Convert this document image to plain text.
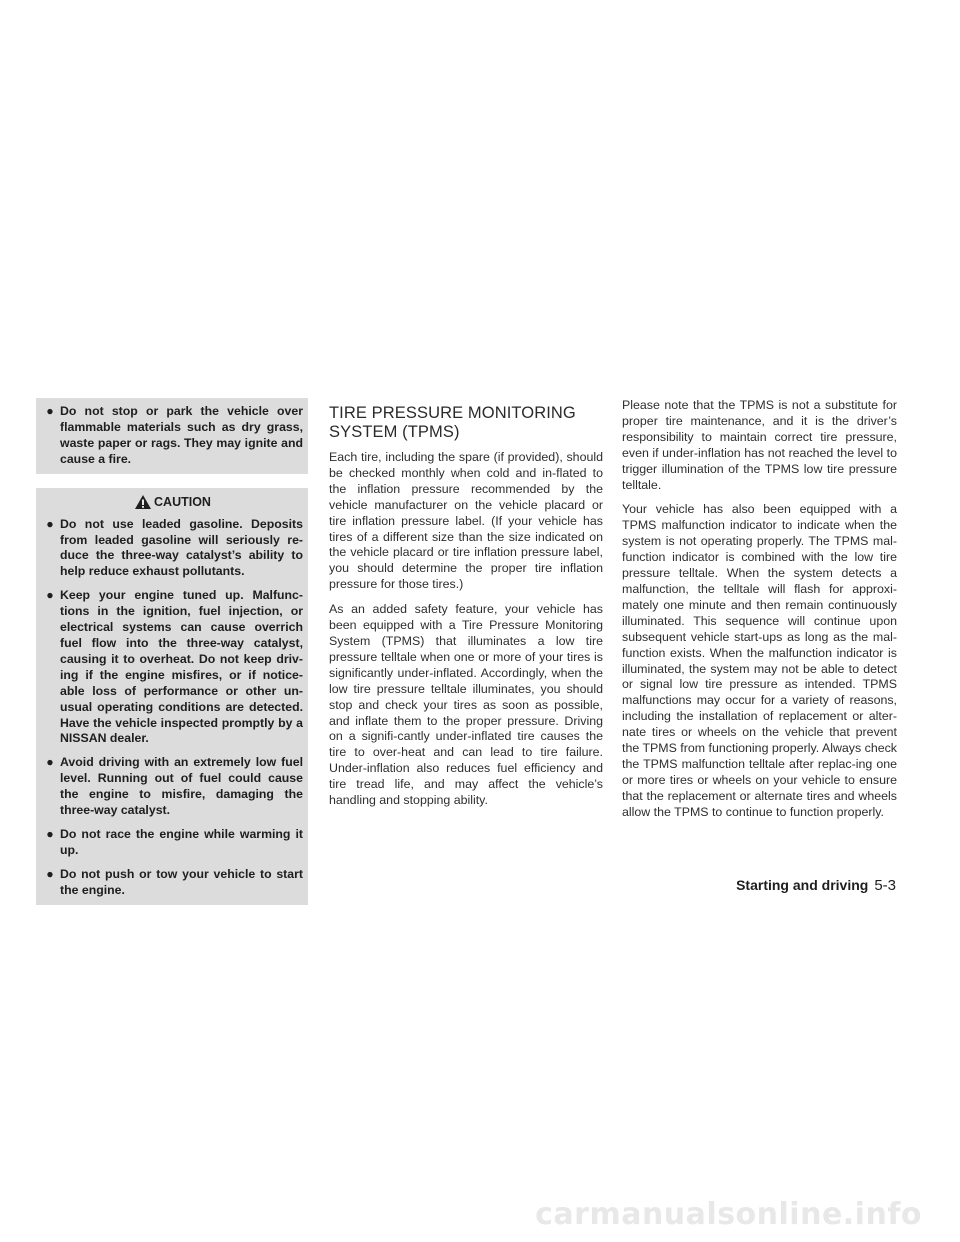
● Do not stop or park the vehicle over flammable materials such as dry grass, waste paper or rags. They may ignite and cause a fire.
CAUTION
● Do not use leaded gasoline. Deposits from leaded gasoline will seriously re-duce the three-way catalyst’s ability to help reduce exhaust pollutants.
● Keep your engine tuned up. Malfunc-tions in the ignition, fuel injection, or electrical systems can cause overrich fuel flow into the three-way catalyst, causing it to overheat. Do not keep driv-ing if the engine misfires, or if notice-able loss of performance or other un-usual operating conditions are detected. Have the vehicle inspected promptly by a NISSAN dealer.
● Avoid driving with an extremely low fuel level. Running out of fuel could cause the engine to misfire, damaging the three-way catalyst.
● Do not race the engine while warming it up.
● Do not push or tow your vehicle to start the engine.
TIRE PRESSURE MONITORING
SYSTEM (TPMS)

Each tire, including the spare (if provided), should be checked monthly when cold and in-flated to the inflation pressure recommended by the vehicle manufacturer on the vehicle placard or tire inflation pressure label. (If your vehicle has tires of a different size than the size indicated on the vehicle placard or tire inflation pressure label, you should determine the proper tire inflation pressure for those tires.)

As an added safety feature, your vehicle has been equipped with a Tire Pressure Monitoring System (TPMS) that illuminates a low tire pressure telltale when one or more of your tires is significantly under-inflated. Accordingly, when the low tire pressure telltale illuminates, you should stop and check your tires as soon as possible, and inflate them to the proper pressure. Driving on a signifi-cantly under-inflated tire causes the tire to over-heat and can lead to tire failure. Under-inflation also reduces fuel efficiency and tire tread life, and may affect the vehicle’s handling and stopping ability.

Please note that the TPMS is not a substitute for proper tire maintenance, and it is the driver’s responsibility to maintain correct tire pressure, even if under-inflation has not reached the level to trigger illumination of the TPMS low tire pressure telltale.

Your vehicle has also been equipped with a TPMS malfunction indicator to indicate when the system is not operating properly. The TPMS mal-function indicator is combined with the low tire pressure telltale. When the system detects a malfunction, the telltale will flash for approxi-mately one minute and then remain continuously illuminated. This sequence will continue upon subsequent vehicle start-ups as long as the mal-function exists. When the malfunction indicator is illuminated, the system may not be able to detect or signal low tire pressure as intended. TPMS malfunctions may occur for a variety of reasons, including the installation of replacement or alter-nate tires or wheels on the vehicle that prevent the TPMS from functioning properly. Always check the TPMS malfunction telltale after replac-ing one or more tires or wheels on your vehicle to ensure that the replacement or alternate tires and wheels allow the TPMS to continue to function properly.

Starting and driving 5-3
carmanualsonline.info
